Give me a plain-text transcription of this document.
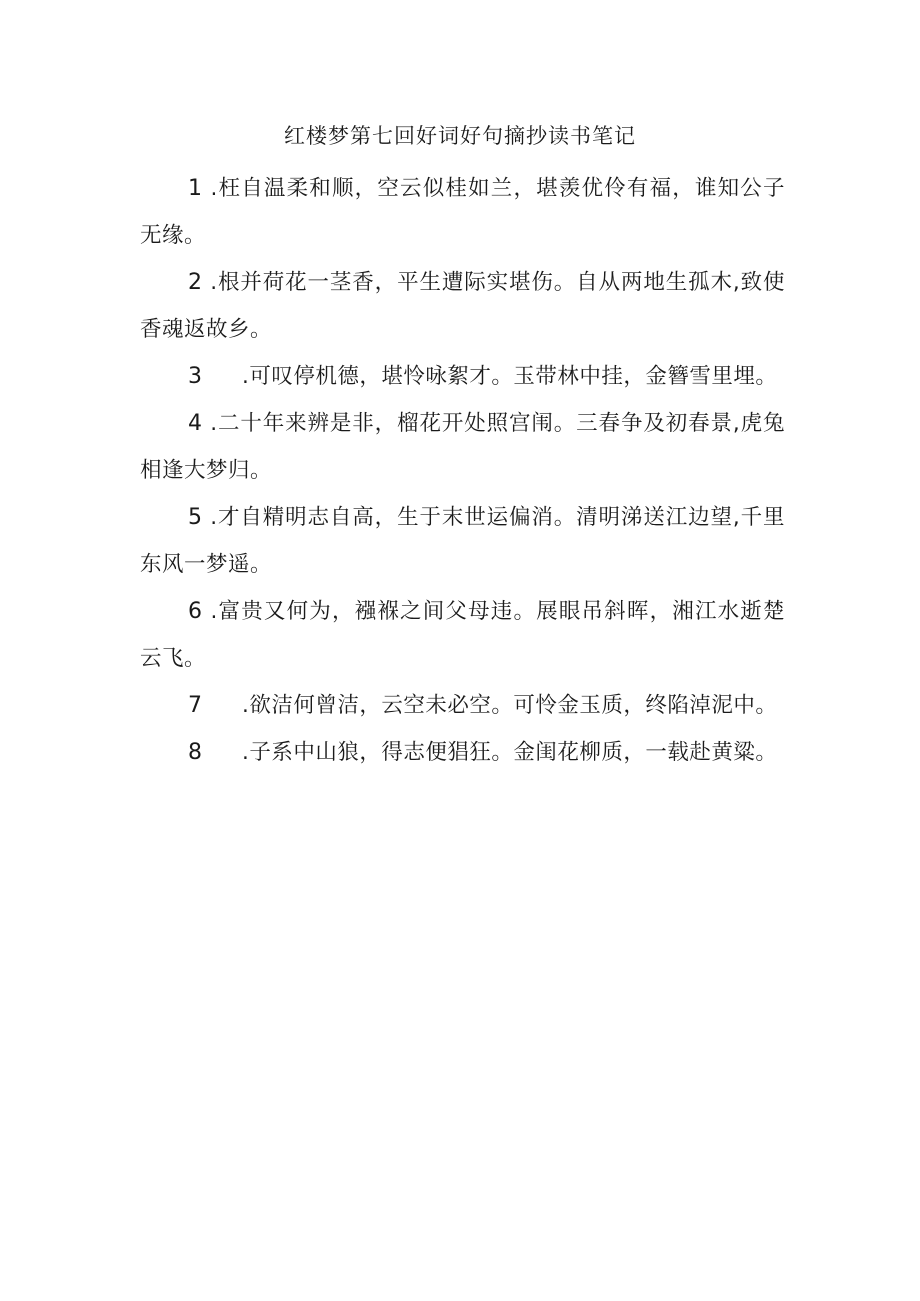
红楼梦第七回好词好句摘抄读书笔记

1 .枉自温柔和顺，空云似桂如兰，堪羡优伶有福，谁知公子无缘。

2 .根并荷花一茎香，平生遭际实堪伤。自从两地生孤木,致使香魂返故乡。

3 .可叹停机德，堪怜咏絮才。玉带林中挂，金簪雪里埋。

4 .二十年来辨是非，榴花开处照宫闱。三春争及初春景,虎兔相逢大梦归。

5 .才自精明志自高，生于末世运偏消。清明涕送江边望,千里东风一梦遥。

6 .富贵又何为，襁褓之间父母违。展眼吊斜晖，湘江水逝楚云飞。

7 .欲洁何曾洁，云空未必空。可怜金玉质，终陷淖泥中。

8 .子系中山狼，得志便猖狂。金闺花柳质，一载赴黄粱。
